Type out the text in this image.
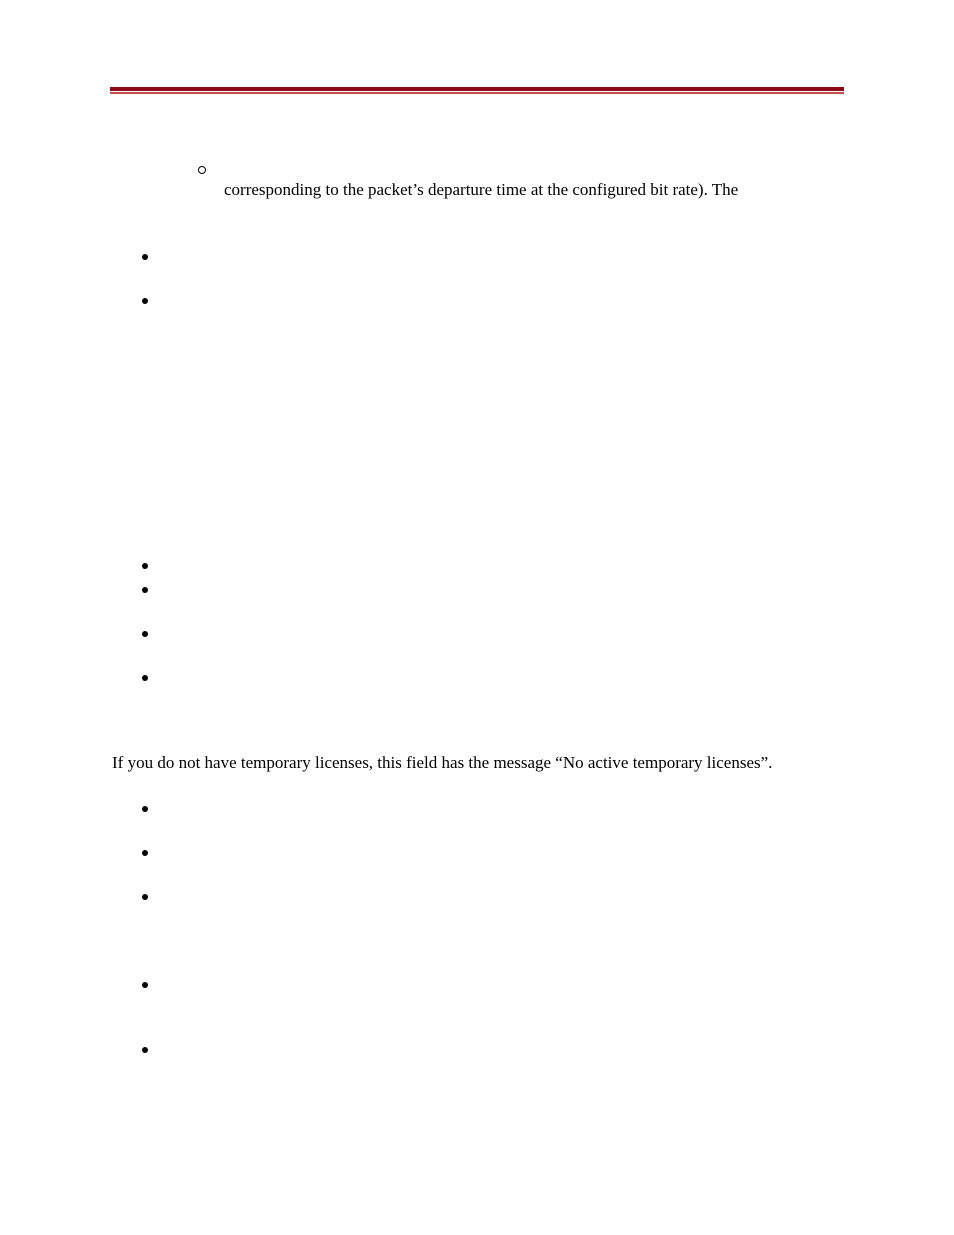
corresponding to the packet’s departure time at the configured bit rate). The
If you do not have temporary licenses, this field has the message “No active temporary licenses”.
